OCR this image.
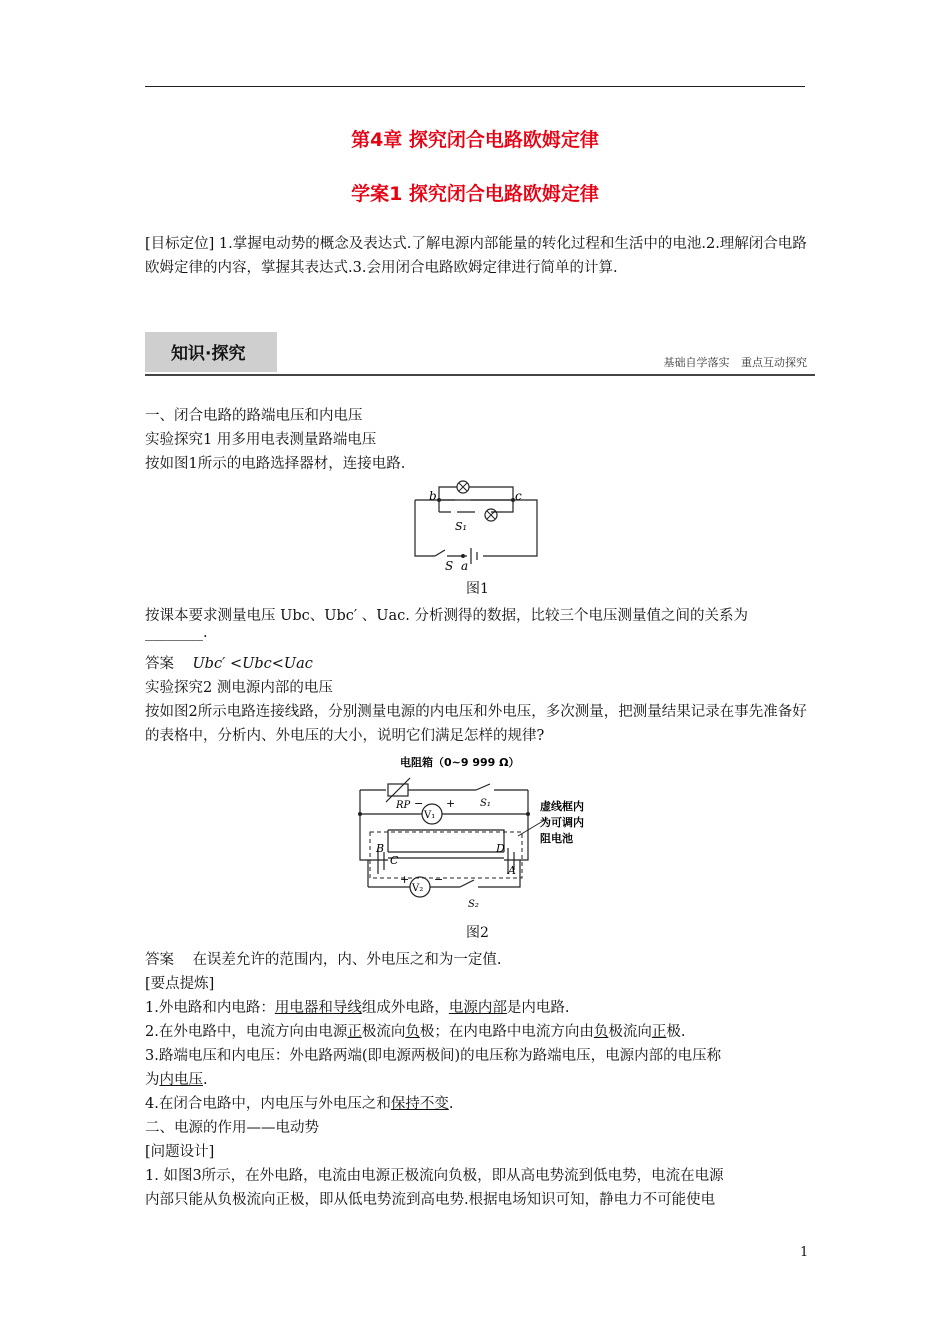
第4章 探究闭合电路欧姆定律
学案1 探究闭合电路欧姆定律
[目标定位] 1.掌握电动势的概念及表达式.了解电源内部能量的转化过程和生活中的电池.2.理解闭合电路欧姆定律的内容，掌握其表达式.3.会用闭合电路欧姆定律进行简单的计算.
知识·探究	基础自学落实 重点互动探究
一、闭合电路的路端电压和内电压
实验探究1 用多用电表测量路端电压
按如图1所示的电路选择器材，连接电路.
b	c
S₁
S a
图1
按课本要求测量电压 Ubc、Ubc′ 、Uac. 分析测得的数据，比较三个电压测量值之间的关系为________.
答案 Ubc′ <Ubc<Uac
实验探究2 测电源内部的电压
按如图2所示电路连接线路，分别测量电源的内电压和外电压，多次测量，把测量结果记录在事先准备好的表格中，分析内、外电压的大小，说明它们满足怎样的规律?
电阻箱（0~9 999 Ω）
RP	S₁
V₁
− +
B
C
D
A
V₂
+ −
S₂
虚线框内
为可调内
阻电池
图2
答案 在误差允许的范围内，内、外电压之和为一定值.
[要点提炼]
1.外电路和内电路：用电器和导线组成外电路，电源内部是内电路.
2.在外电路中，电流方向由电源正极流向负极；在内电路中电流方向由负极流向正极.
3.路端电压和内电压：外电路两端(即电源两极间)的电压称为路端电压，电源内部的电压称
为内电压.
4.在闭合电路中，内电压与外电压之和保持不变.
二、电源的作用——电动势
[问题设计]
1. 如图3所示，在外电路，电流由电源正极流向负极，即从高电势流到低电势，电流在电源
内部只能从负极流向正极，即从低电势流到高电势.根据电场知识可知，静电力不可能使电
1
